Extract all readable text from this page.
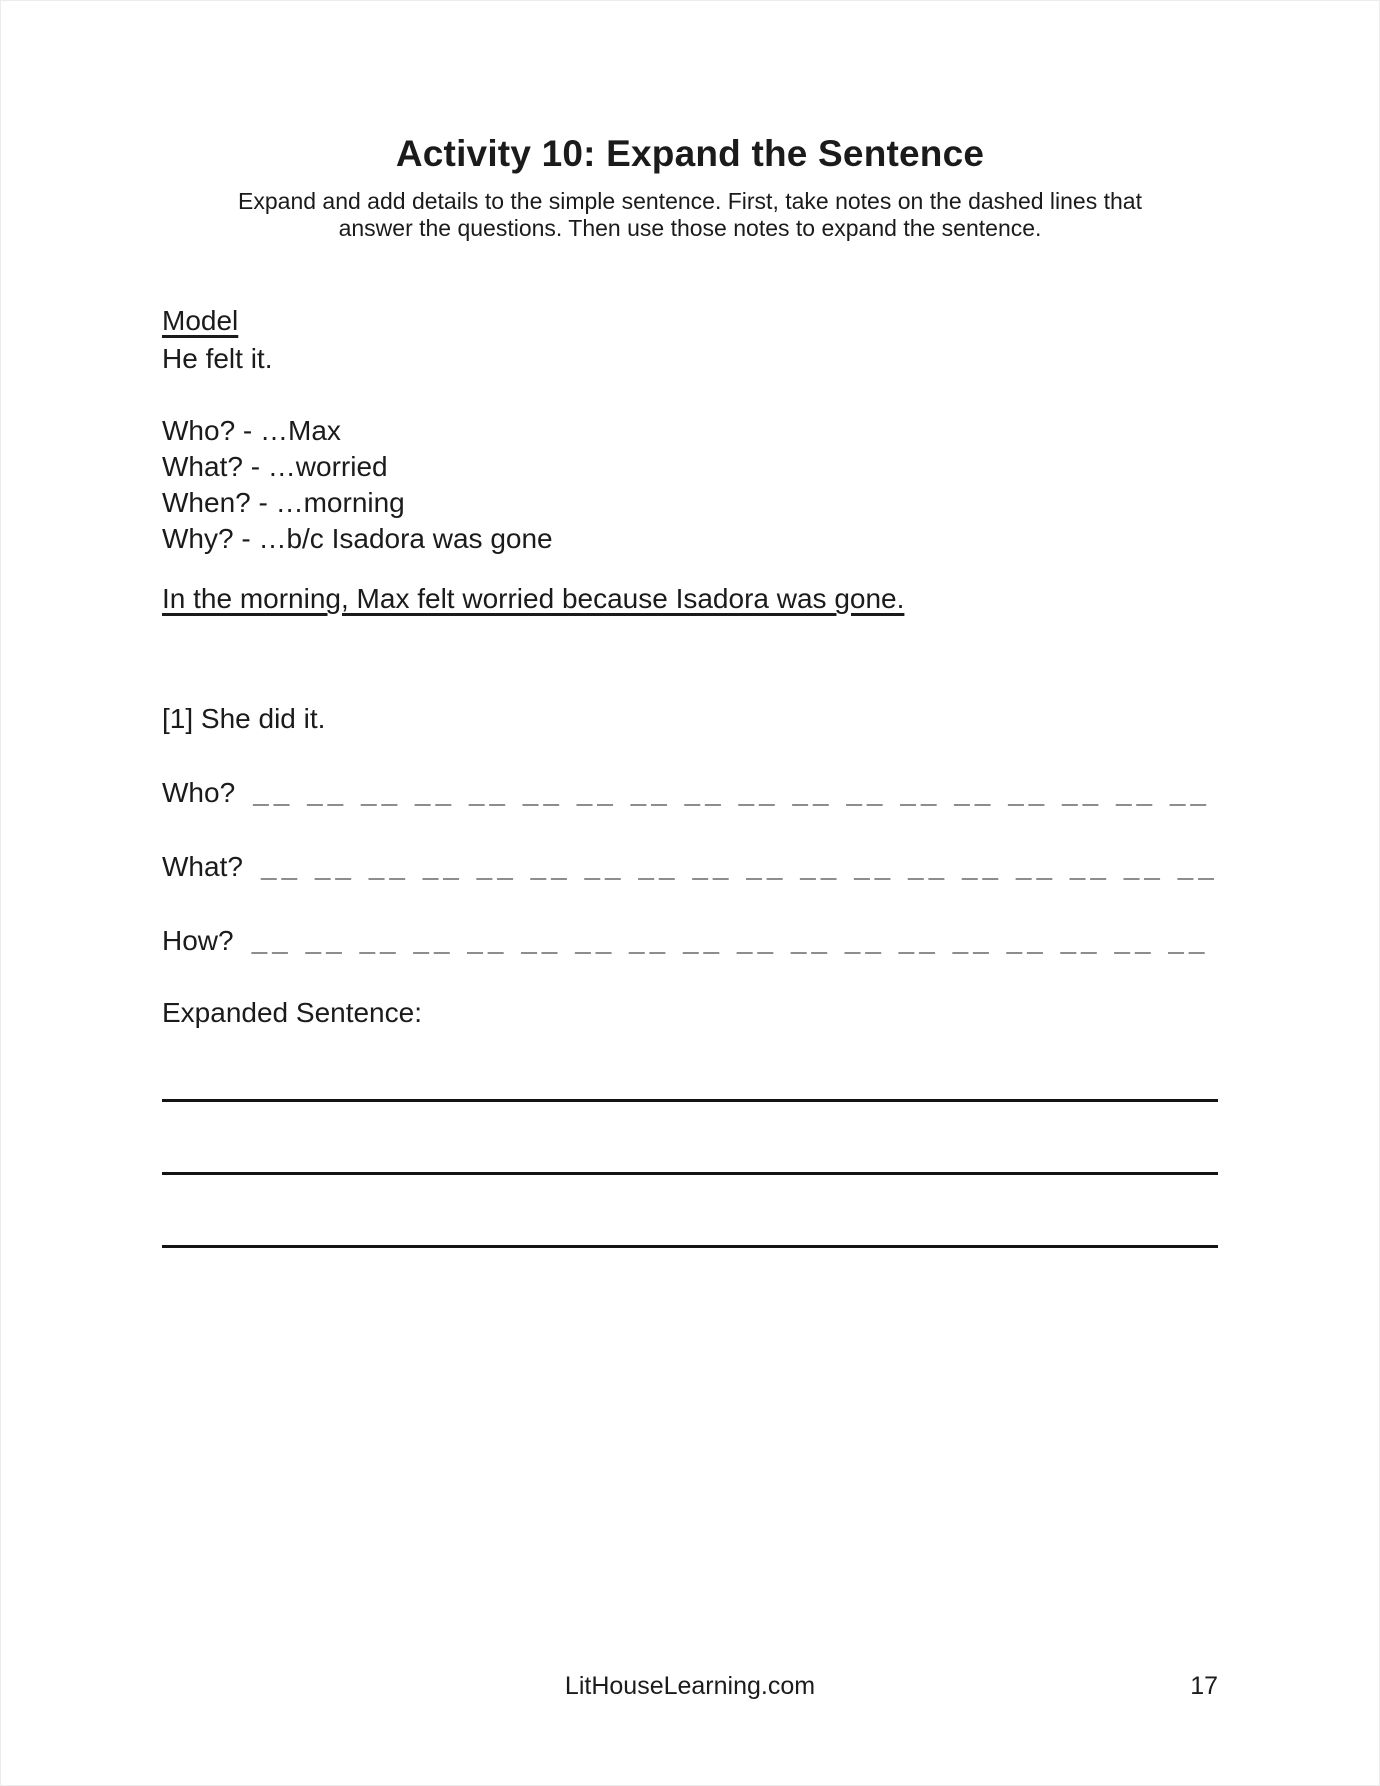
Activity 10: Expand the Sentence
Expand and add details to the simple sentence. First, take notes on the dashed lines that
answer the questions. Then use those notes to expand the sentence.
Model
He felt it.
Who? - …Max
What? - …worried
When? - …morning
Why? - …b/c Isadora was gone
In the morning, Max felt worried because Isadora was gone.
[1] She did it.
Who? __ __ __ __ __ __ __ __ __ __ __ __ __ __ __ __ __ __
What? __ __ __ __ __ __ __ __ __ __ __ __ __ __ __ __ __ __
How? __ __ __ __ __ __ __ __ __ __ __ __ __ __ __ __ __ __
Expanded Sentence:
LitHouseLearning.com	17
